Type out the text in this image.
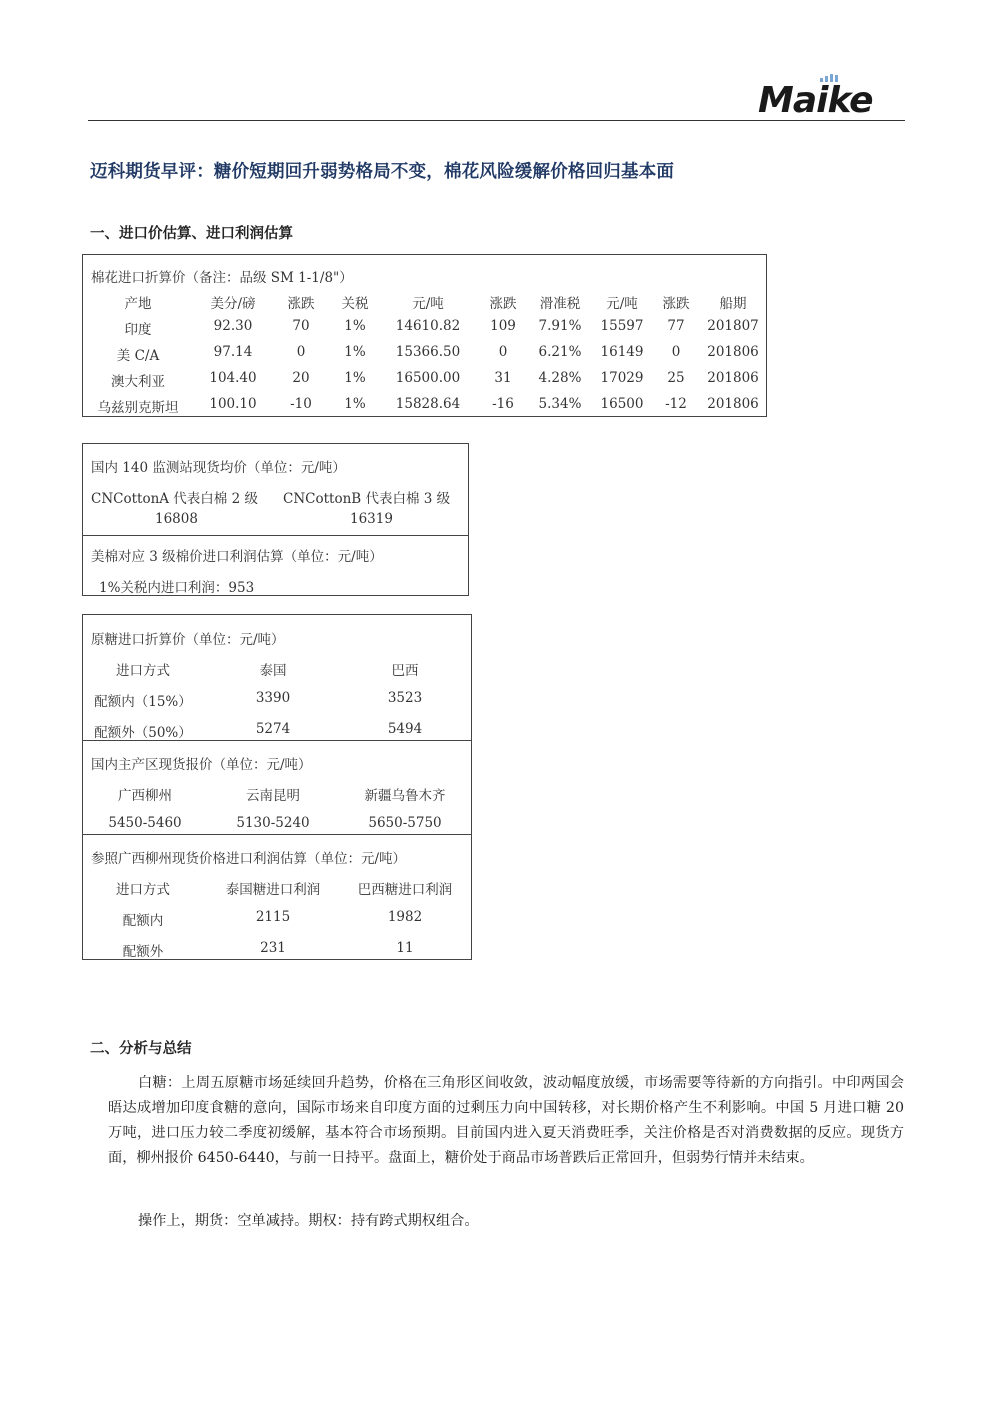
Maike
迈科期货早评：糖价短期回升弱势格局不变，棉花风险缓解价格回归基本面
一、进口价估算、进口利润估算
棉花进口折算价（备注：品级 SM 1-1/8"）
产地	美分/磅 涨跌 关税	元/吨	涨跌 滑准税 元/吨 涨跌 船期
印度	92.30	70	1% 14610.82 109 7.91% 15597 77 201807
美 C/A	97.14	0	1% 15366.50	0 6.21% 16149 0 201806
澳大利亚	104.40	20	1% 16500.00	31 4.28% 17029 25 201806
乌兹别克斯坦 100.10 -10 1% 15828.64 -16 5.34% 16500 -12 201806
国内 140 监测站现货均价（单位：元/吨）
CNCottonA 代表白棉 2 级 CNCottonB 代表白棉 3 级
16808	16319
美棉对应 3 级棉价进口利润估算（单位：元/吨）
1%关税内进口利润：953
原糖进口折算价（单位：元/吨）
国内主产区现货报价（单位：元/吨）
参照广西柳州现货价格进口利润估算（单位：元/吨）
进口方式	泰国	巴西
配额内（15%）	3390	3523
配额外（50%）	5274	5494
广西柳州	云南昆明	新疆乌鲁木齐
5450-5460	5130-5240	5650-5750
进口方式	泰国糖进口利润	巴西糖进口利润
配额内	2115	1982
配额外	231	11
二、分析与总结
白糖：上周五原糖市场延续回升趋势，价格在三角形区间收敛，波动幅度放缓，市场需要等待新的方向指引。中印两国会晤达成增加印度食糖的意向，国际市场来自印度方面的过剩压力向中国转移，对长期价格产生不利影响。中国 5 月进口糖 20 万吨，进口压力较二季度初缓解，基本符合市场预期。目前国内进入夏天消费旺季，关注价格是否对消费数据的反应。现货方面，柳州报价 6450-6440，与前一日持平。盘面上，糖价处于商品市场普跌后正常回升，但弱势行情并未结束。
操作上，期货：空单减持。期权：持有跨式期权组合。
